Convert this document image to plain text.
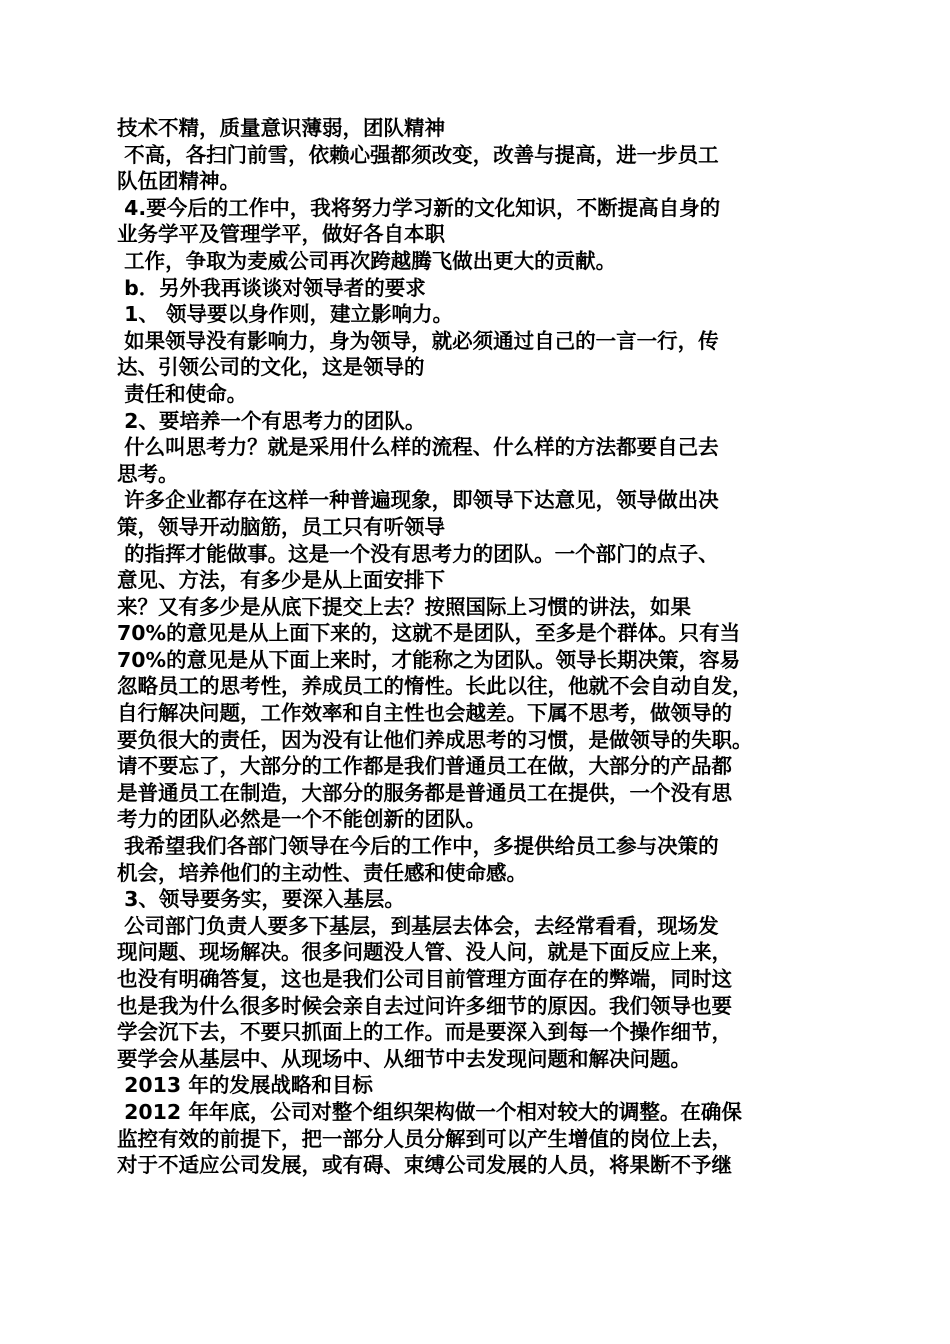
技术不精，质量意识薄弱，团队精神
不高，各扫门前雪，依赖心强都须改变，改善与提高，进一步员工
队伍团精神。
4.要今后的工作中，我将努力学习新的文化知识，不断提高自身的
业务学平及管理学平，做好各自本职
工作，争取为麦威公司再次跨越腾飞做出更大的贡献。
b．另外我再谈谈对领导者的要求
1、 领导要以身作则，建立影响力。
如果领导没有影响力，身为领导，就必须通过自己的一言一行，传
达、引领公司的文化，这是领导的
责任和使命。
2、要培养一个有思考力的团队。
什么叫思考力？就是采用什么样的流程、什么样的方法都要自己去
思考。
许多企业都存在这样一种普遍现象，即领导下达意见，领导做出决
策，领导开动脑筋，员工只有听领导
的指挥才能做事。这是一个没有思考力的团队。一个部门的点子、
意见、方法，有多少是从上面安排下
来？又有多少是从底下提交上去？按照国际上习惯的讲法，如果
70%的意见是从上面下来的，这就不是团队，至多是个群体。只有当
70%的意见是从下面上来时，才能称之为团队。领导长期决策，容易
忽略员工的思考性，养成员工的惰性。长此以往，他就不会自动自发，
自行解决问题，工作效率和自主性也会越差。下属不思考，做领导的
要负很大的责任，因为没有让他们养成思考的习惯，是做领导的失职。
请不要忘了，大部分的工作都是我们普通员工在做，大部分的产品都
是普通员工在制造，大部分的服务都是普通员工在提供，一个没有思
考力的团队必然是一个不能创新的团队。
我希望我们各部门领导在今后的工作中，多提供给员工参与决策的
机会，培养他们的主动性、责任感和使命感。
3、领导要务实，要深入基层。
公司部门负责人要多下基层，到基层去体会，去经常看看，现场发
现问题、现场解决。很多问题没人管、没人问，就是下面反应上来，
也没有明确答复，这也是我们公司目前管理方面存在的弊端，同时这
也是我为什么很多时候会亲自去过问许多细节的原因。我们领导也要
学会沉下去，不要只抓面上的工作。而是要深入到每一个操作细节，
要学会从基层中、从现场中、从细节中去发现问题和解决问题。
2013 年的发展战略和目标
2012 年年底，公司对整个组织架构做一个相对较大的调整。在确保
监控有效的前提下，把一部分人员分解到可以产生增值的岗位上去，
对于不适应公司发展，或有碍、束缚公司发展的人员，将果断不予继
